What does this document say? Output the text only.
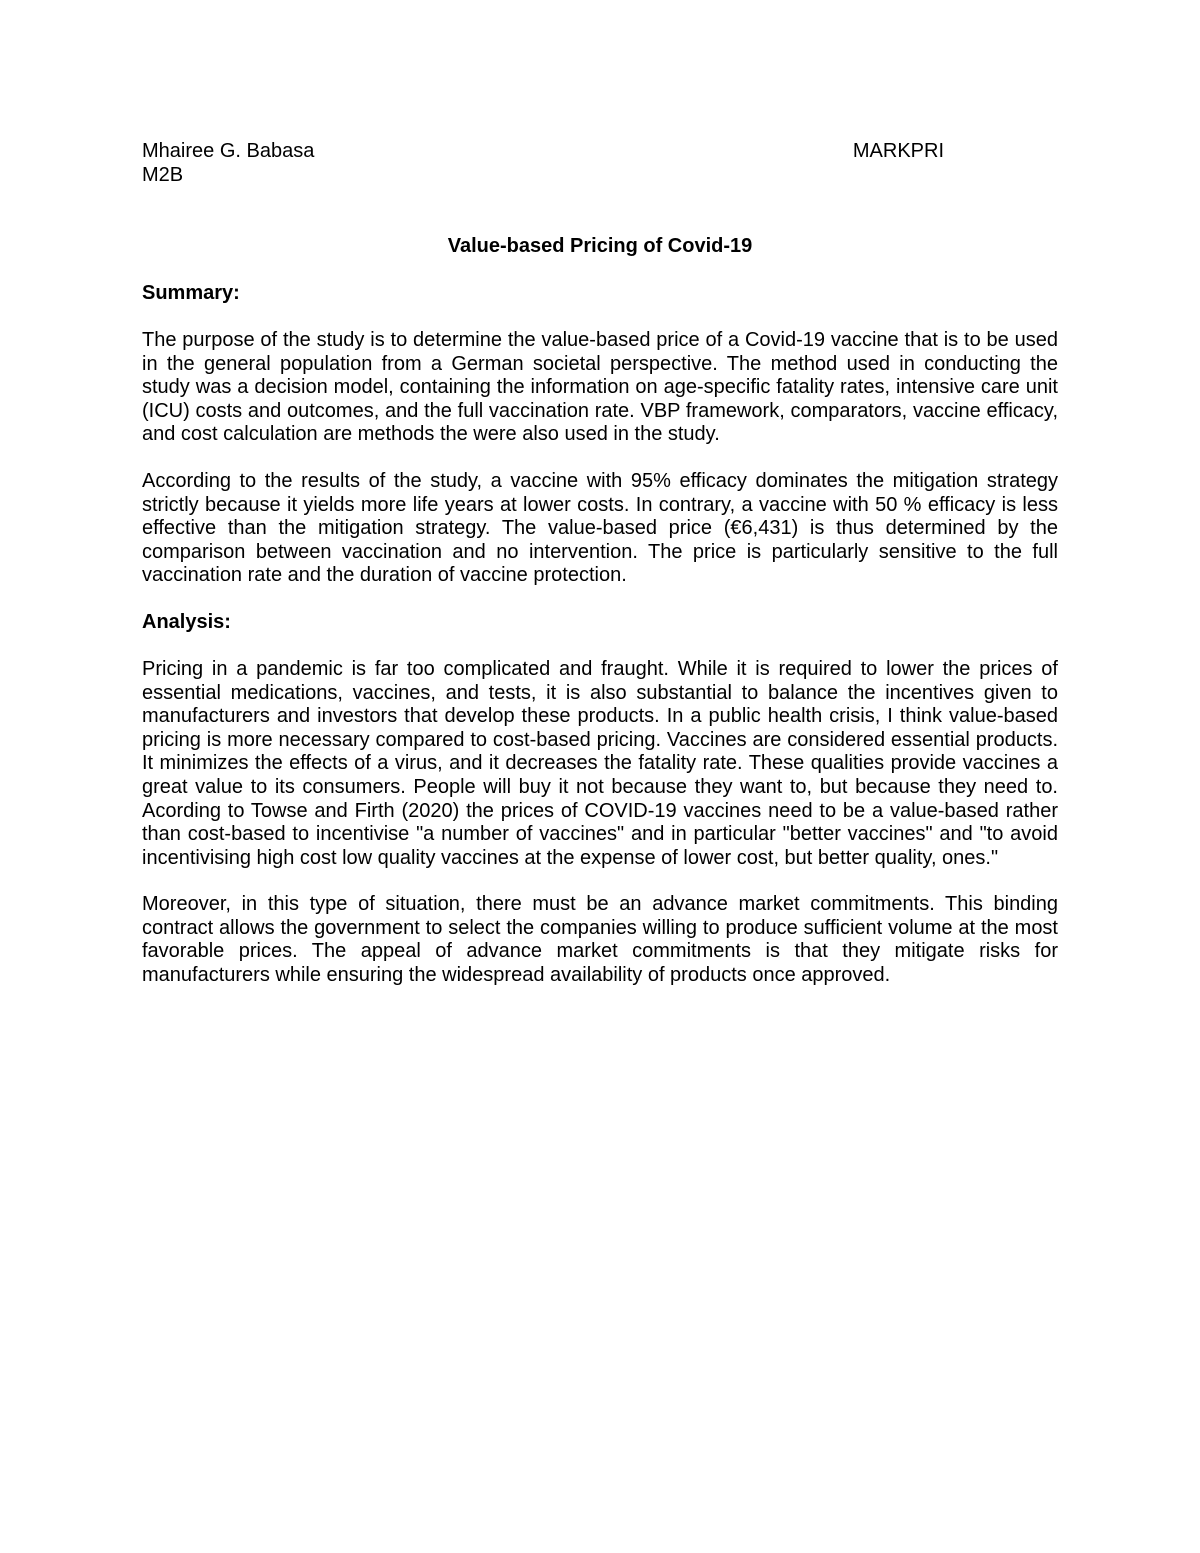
Mhairee G. Babasa	MARKPRI
M2B
Value-based Pricing of Covid-19
Summary:

The purpose of the study is to determine the value-based price of a Covid-19 vaccine that is to be used in the general population from a German societal perspective. The method used in conducting the study was a decision model, containing the information on age-specific fatality rates, intensive care unit (ICU) costs and outcomes, and the full vaccination rate. VBP framework, comparators, vaccine efficacy, and cost calculation are methods the were also used in the study.

According to the results of the study, a vaccine with 95% efficacy dominates the mitigation strategy strictly because it yields more life years at lower costs. In contrary, a vaccine with 50 % efficacy is less effective than the mitigation strategy. The value-based price (€6,431) is thus determined by the comparison between vaccination and no intervention. The price is particularly sensitive to the full vaccination rate and the duration of vaccine protection.

Analysis:

Pricing in a pandemic is far too complicated and fraught. While it is required to lower the prices of essential medications, vaccines, and tests, it is also substantial to balance the incentives given to manufacturers and investors that develop these products. In a public health crisis, I think value-based pricing is more necessary compared to cost-based pricing. Vaccines are considered essential products. It minimizes the effects of a virus, and it decreases the fatality rate. These qualities provide vaccines a great value to its consumers. People will buy it not because they want to, but because they need to. Acording to Towse and Firth (2020) the prices of COVID-19 vaccines need to be a value-based rather than cost-based to incentivise "a number of vaccines" and in particular "better vaccines" and "to avoid incentivising high cost low quality vaccines at the expense of lower cost, but better quality, ones."

Moreover, in this type of situation, there must be an advance market commitments. This binding contract allows the government to select the companies willing to produce sufficient volume at the most favorable prices. The appeal of advance market commitments is that they mitigate risks for manufacturers while ensuring the widespread availability of products once approved.
